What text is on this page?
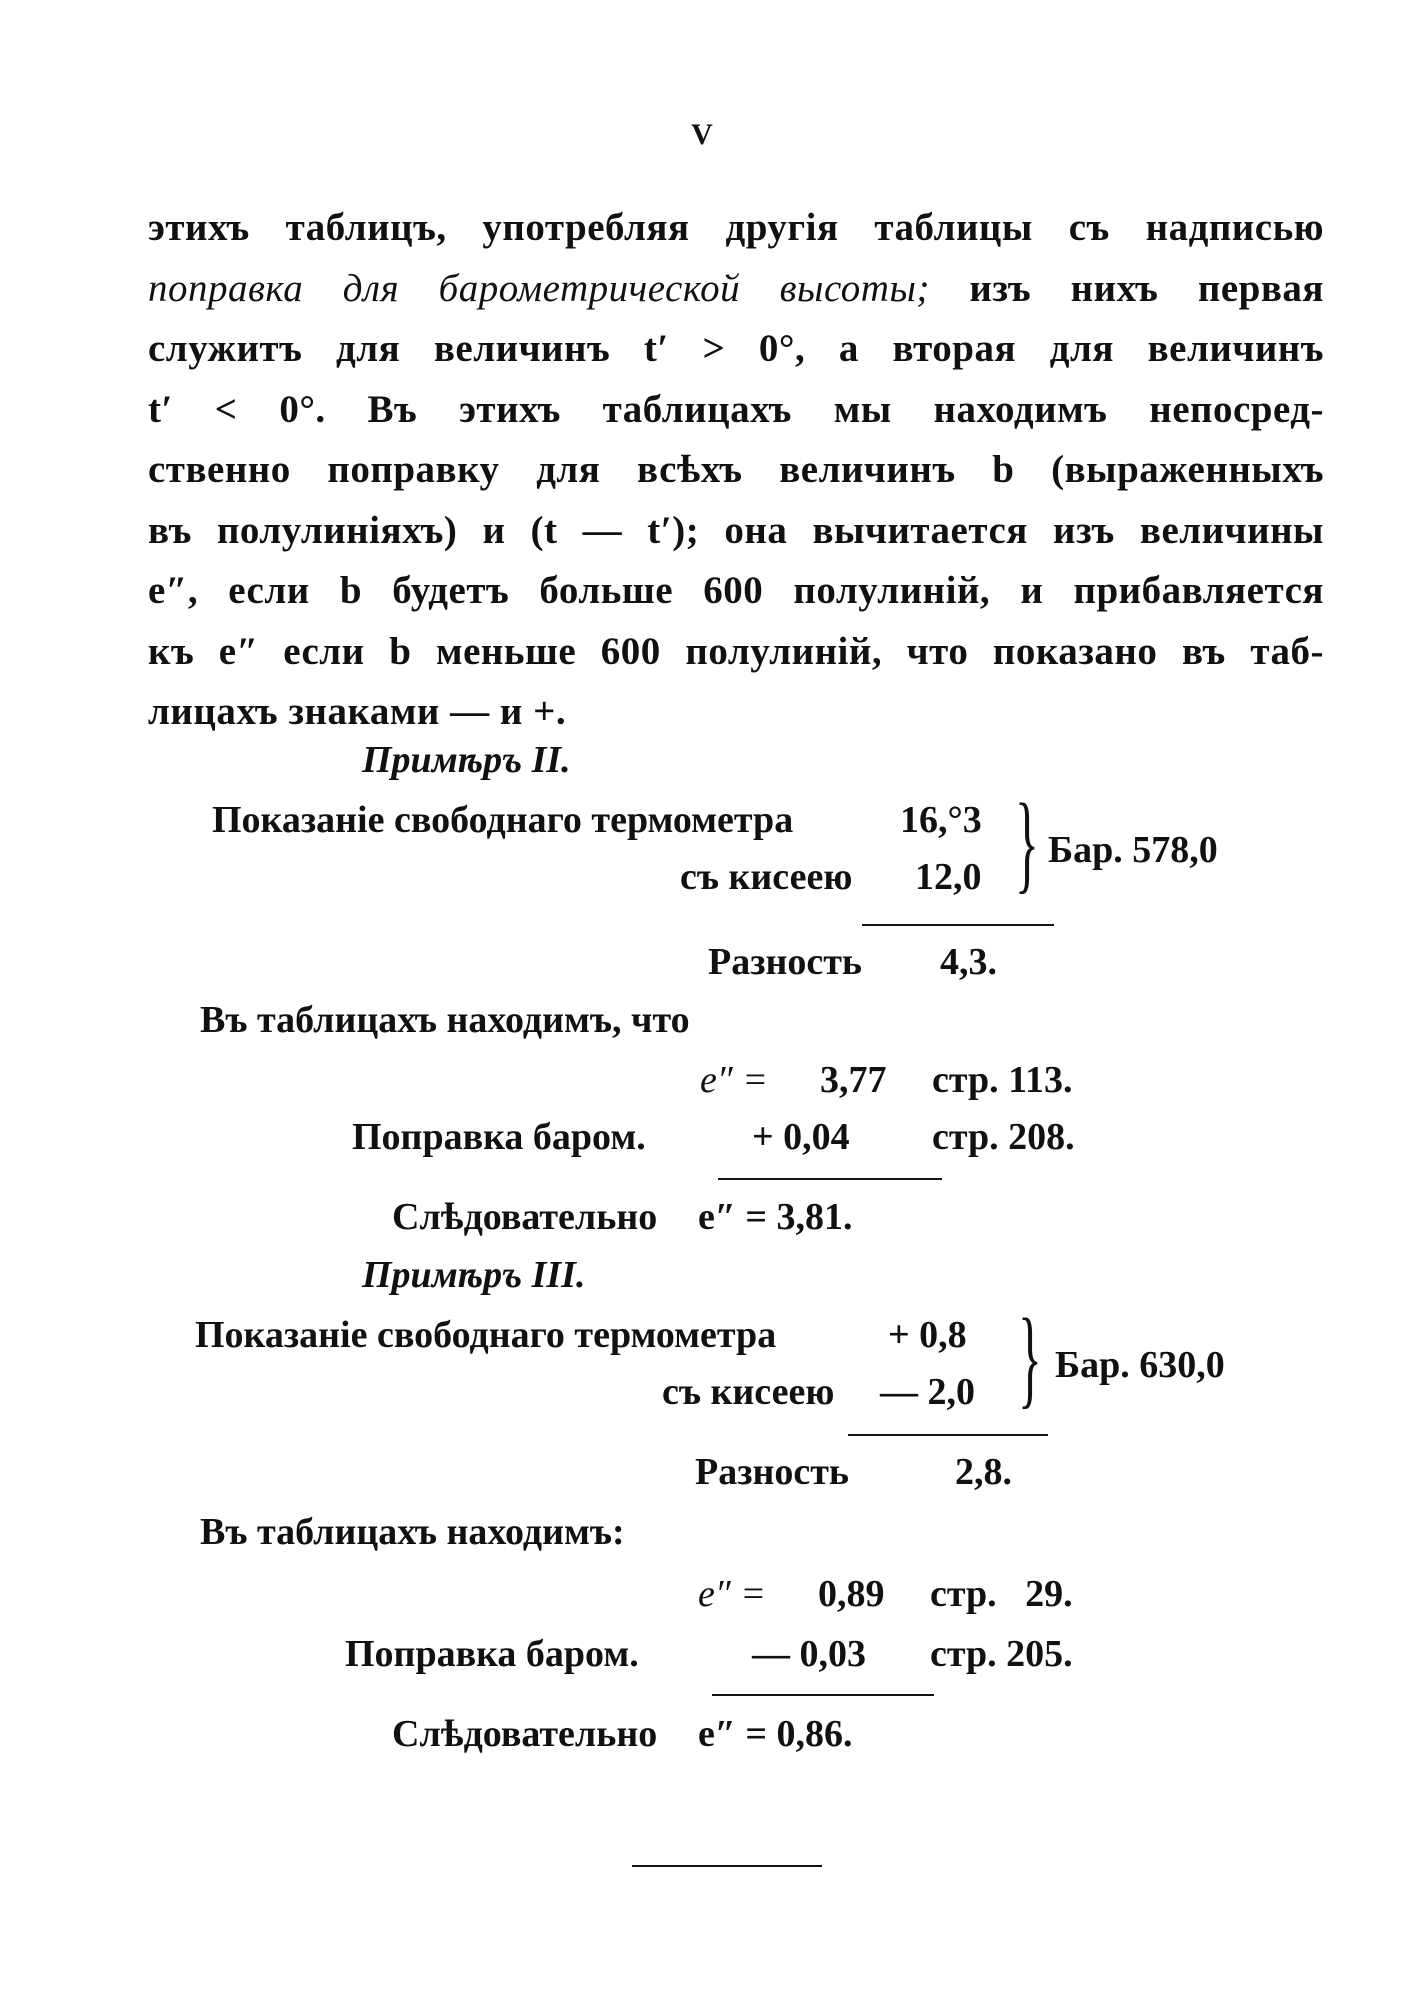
V
этихъ таблицъ, употребляя другія таблицы съ надписью
поправка для барометрической высоты; изъ нихъ первая
служитъ для величинъ t′ > 0°, а вторая для величинъ
t′ < 0°. Въ этихъ таблицахъ мы находимъ непосред-
ственно поправку для всѣхъ величинъ b (выраженныхъ
въ полулиніяхъ) и (t — t′); она вычитается изъ величины
e″, если b будетъ больше 600 полулиній, и прибавляется
къ e″ если b меньше 600 полулиній, что показано въ таб-
лицахъ знаками — и +.
Примѣръ II.
Показаніе свободнаго термометра	16,°3
съ кисеею 12,0 } Бар. 578,0
Разность 4,3.
Въ таблицахъ находимъ, что
e″ = 3,77 стр. 113.
Поправка баром.	+ 0,04 стр. 208.
Слѣдовательно e″ = 3,81.
Примѣръ III.
Показаніе свободнаго термометра	+ 0,8
съ кисеею — 2,0 } Бар. 630,0
Разность	2,8.
Въ таблицахъ находимъ:
e″ = 0,89 стр.   29.
Поправка баром.	— 0,03 стр. 205.
Слѣдовательно e″ = 0,86.
